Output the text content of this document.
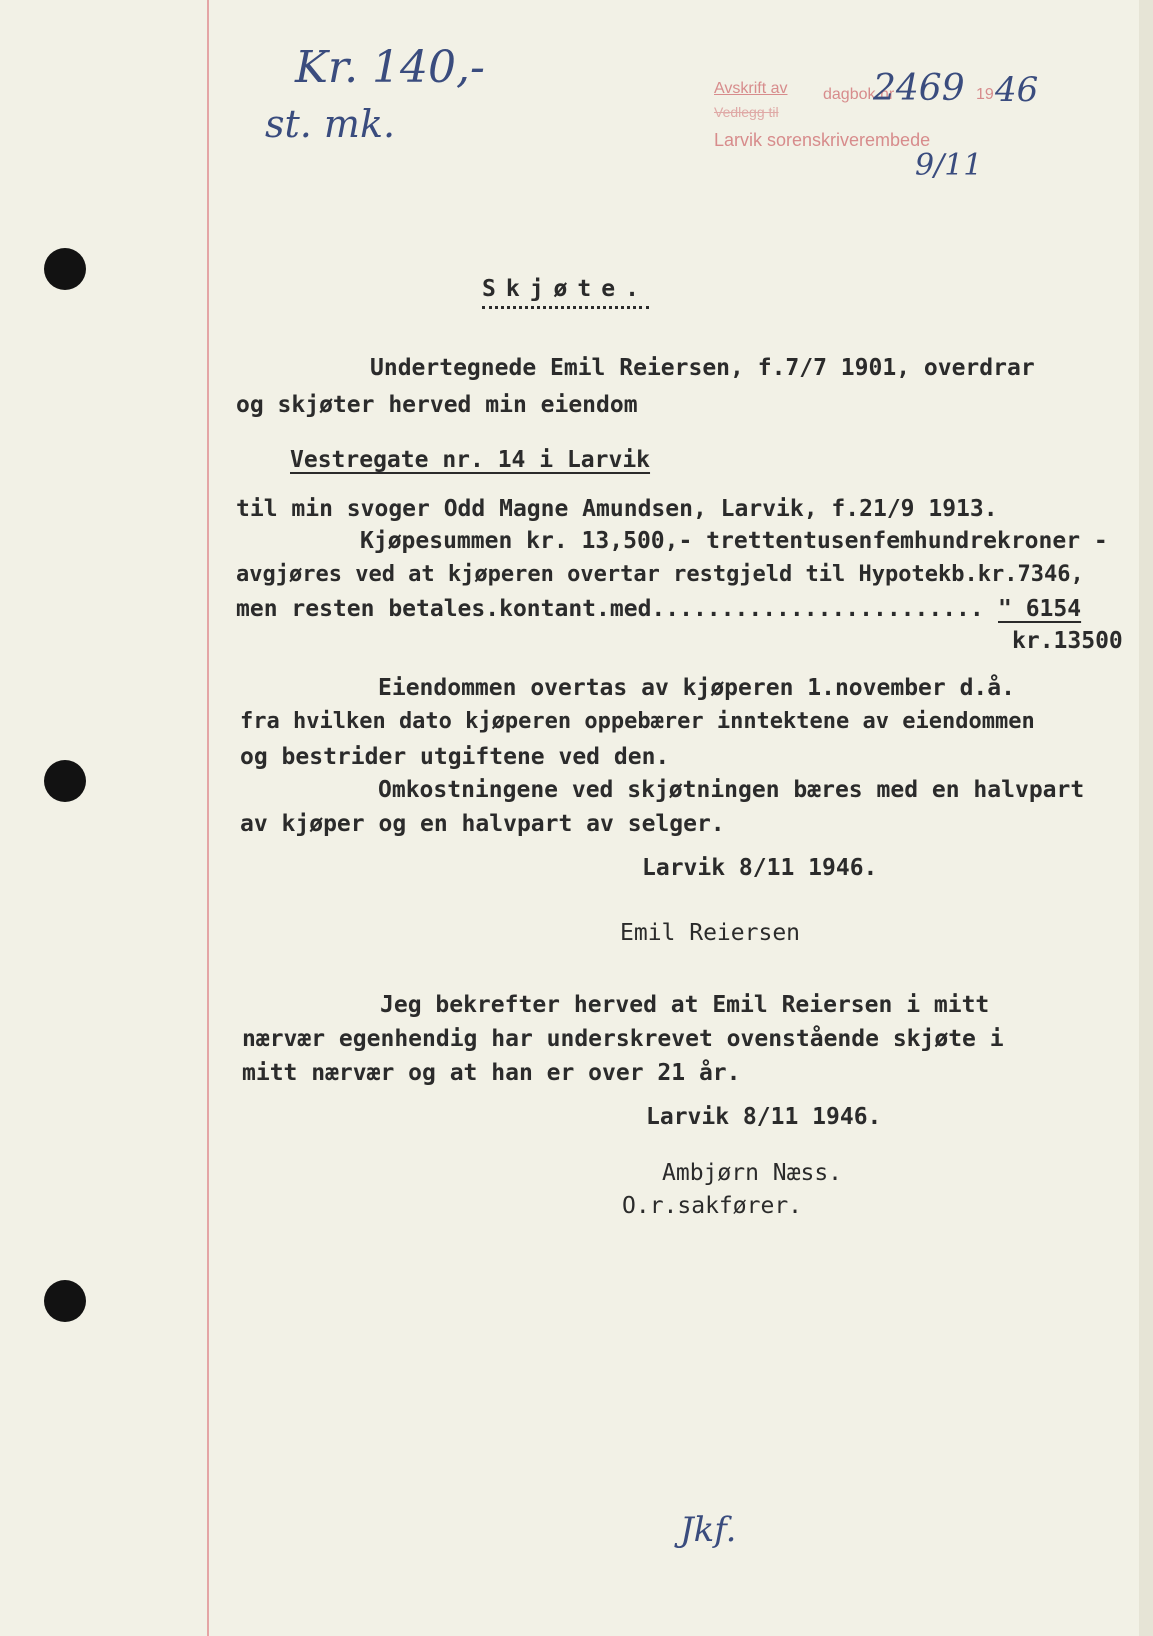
Kr. 140,-
st. mk.
Avskrift av dagbok nr
2469 19 46
Vedlegg til
Larvik sorenskriverembede
9/11
Skjøte.
Undertegnede Emil Reiersen, f.7/7 1901, overdrar
og skjøter herved min eiendom
Vestregate nr. 14 i Larvik
til min svoger Odd Magne Amundsen, Larvik, f.21/9 1913.
Kjøpesummen kr. 13,500,- trettentusenfemhundrekroner -
avgjøres ved at kjøperen overtar restgjeld til Hypotekb.kr.7346,
men resten betales.kontant.med........................ " 6154
kr.13500
Eiendommen overtas av kjøperen 1.november d.å.
fra hvilken dato kjøperen oppebærer inntektene av eiendommen
og bestrider utgiftene ved den.
Omkostningene ved skjøtningen bæres med en halvpart
av kjøper og en halvpart av selger.
Larvik 8/11 1946.
Emil Reiersen
Jeg bekrefter herved at Emil Reiersen i mitt
nærvær egenhendig har underskrevet ovenstående skjøte i
mitt nærvær og at han er over 21 år.
Larvik 8/11 1946.
Ambjørn Næss.
O.r.sakfører.
Jkf.
